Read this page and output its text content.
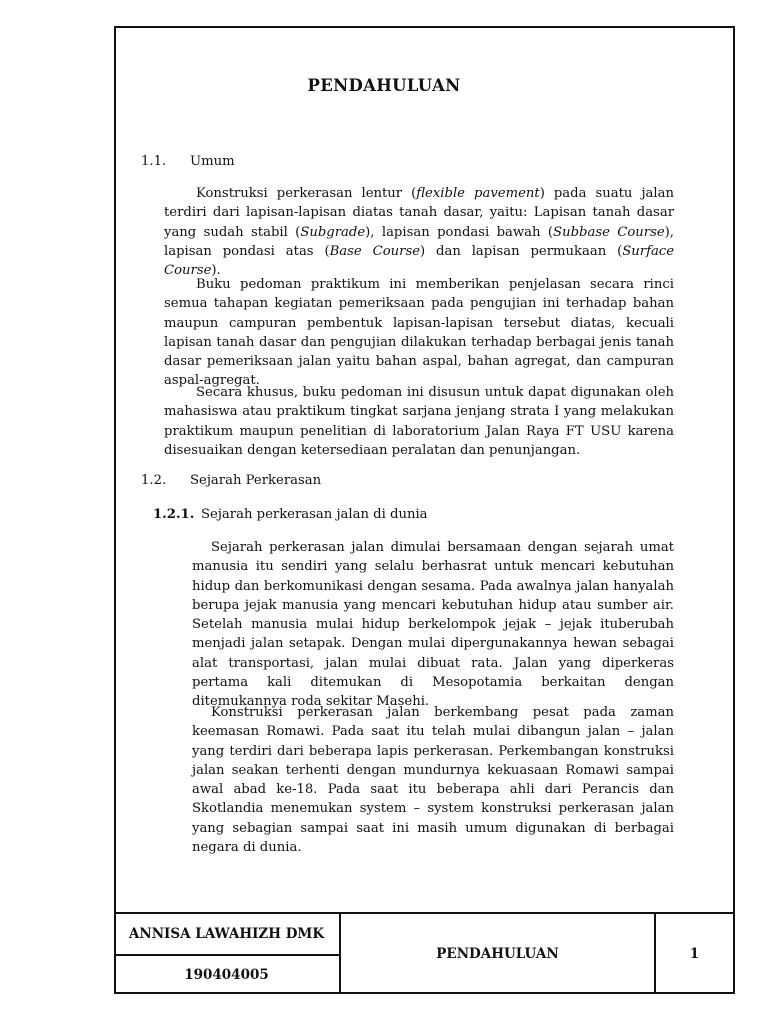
PENDAHULUAN
1.1. Umum

Konstruksi perkerasan lentur (flexible pavement) pada suatu jalan terdiri dari lapisan-lapisan diatas tanah dasar, yaitu: Lapisan tanah dasar yang sudah stabil (Subgrade), lapisan pondasi bawah (Subbase Course), lapisan pondasi atas (Base Course) dan lapisan permukaan (Surface Course).

Buku pedoman praktikum ini memberikan penjelasan secara rinci semua tahapan kegiatan pemeriksaan pada pengujian ini terhadap bahan maupun campuran pembentuk lapisan-lapisan tersebut diatas, kecuali lapisan tanah dasar dan pengujian dilakukan terhadap berbagai jenis tanah dasar pemeriksaan jalan yaitu bahan aspal, bahan agregat, dan campuran aspal-agregat.

Secara khusus, buku pedoman ini disusun untuk dapat digunakan oleh mahasiswa atau praktikum tingkat sarjana jenjang strata I yang melakukan praktikum maupun penelitian di laboratorium Jalan Raya FT USU karena disesuaikan dengan ketersediaan peralatan dan penunjangan.

1.2. Sejarah Perkerasan
1.2.1. Sejarah perkerasan jalan di dunia

Sejarah perkerasan jalan dimulai bersamaan dengan sejarah umat manusia itu sendiri yang selalu berhasrat untuk mencari kebutuhan hidup dan berkomunikasi dengan sesama. Pada awalnya jalan hanyalah berupa jejak manusia yang mencari kebutuhan hidup atau sumber air. Setelah manusia mulai hidup berkelompok jejak – jejak ituberubah menjadi jalan setapak. Dengan mulai dipergunakannya hewan sebagai alat transportasi, jalan mulai dibuat rata. Jalan yang diperkeras pertama kali ditemukan di Mesopotamia berkaitan dengan ditemukannya roda sekitar Masehi.

Konstruksi perkerasan jalan berkembang pesat pada zaman keemasan Romawi. Pada saat itu telah mulai dibangun jalan – jalan yang terdiri dari beberapa lapis perkerasan. Perkembangan konstruksi jalan seakan terhenti dengan mundurnya kekuasaan Romawi sampai awal abad ke-18. Pada saat itu beberapa ahli dari Perancis dan Skotlandia menemukan system – system konstruksi perkerasan jalan yang sebagian sampai saat ini masih umum digunakan di berbagai negara di dunia.

ANNISA LAWAHIZH DMK
190404005
PENDAHULUAN	1
